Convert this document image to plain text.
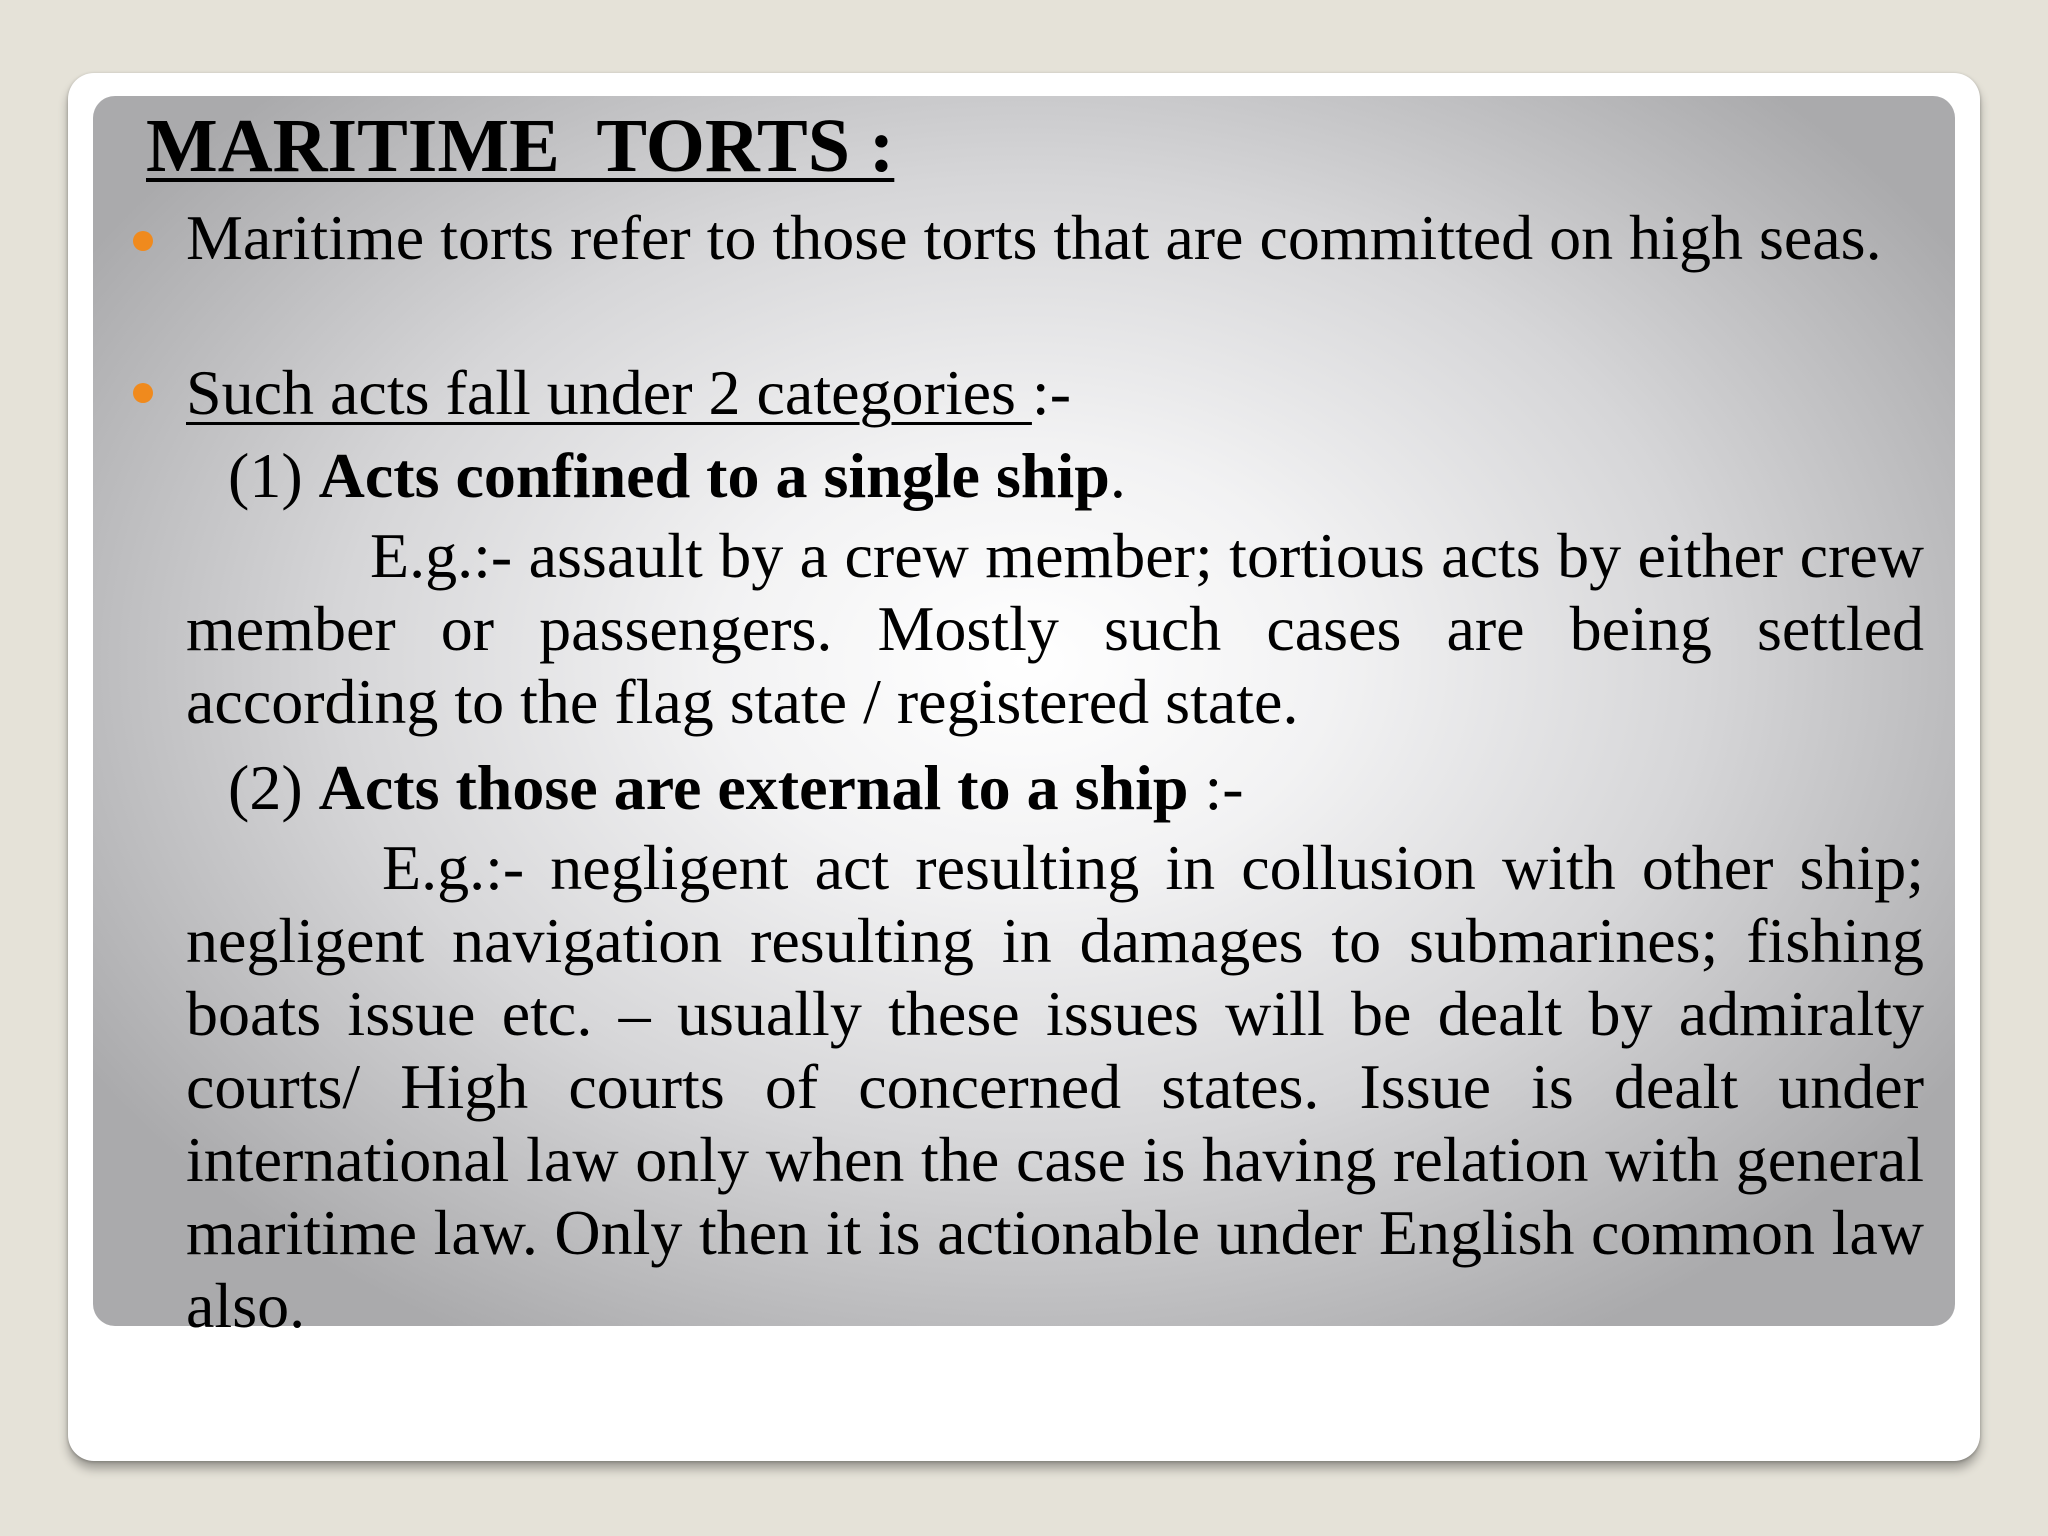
MARITIME  TORTS :

Maritime torts refer to those torts that are committed on high seas.

Such acts fall under 2 categories :-

(1) Acts confined to a single ship.

E.g.:- assault by a crew member; tortious acts by either crew member or passengers. Mostly such cases are being settled according to the flag state / registered state.

(2) Acts those are external to a ship :-

E.g.:- negligent act resulting in collusion with other ship; negligent navigation resulting in damages to submarines; fishing boats issue etc. – usually these issues will be dealt by admiralty courts/ High courts of concerned states. Issue is dealt under international law only when the case is having relation with general maritime law. Only then it is actionable under English common law also.
